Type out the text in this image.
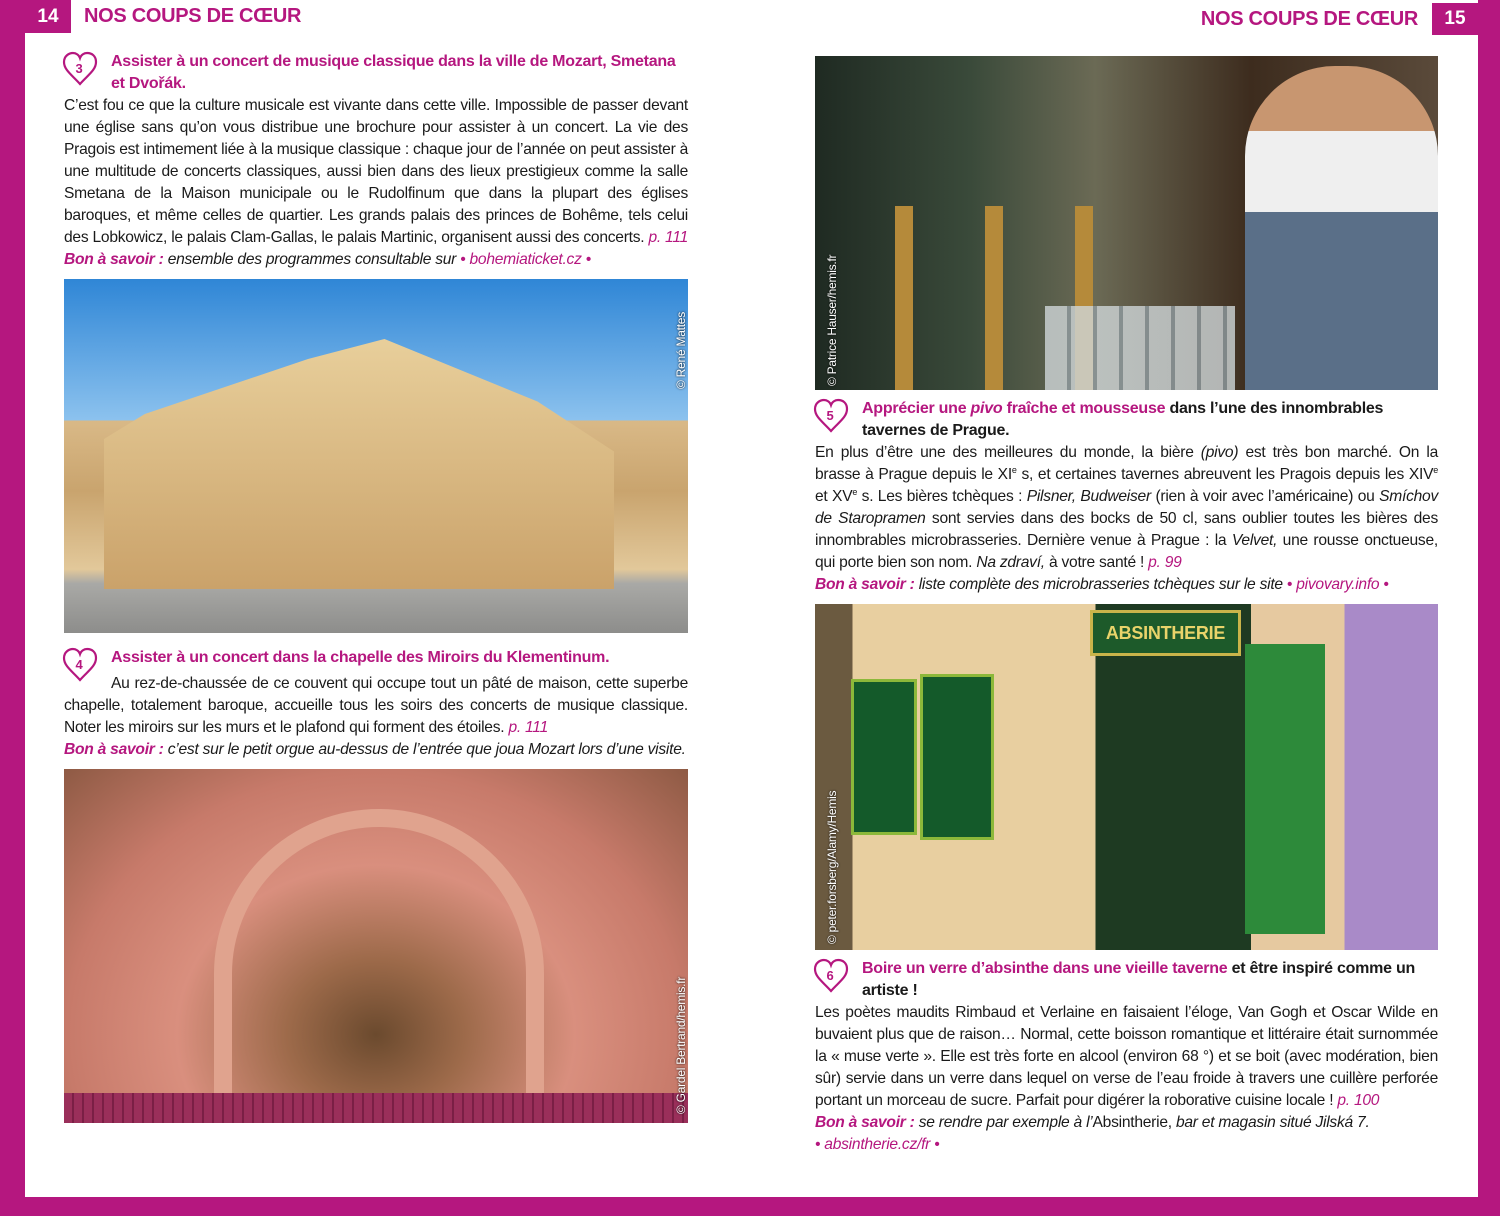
14	NOS COUPS DE CŒUR	NOS COUPS DE CŒUR	15
3	Assister à un concert de musique classique dans la ville de Mozart, Smetana et Dvořák.
C’est fou ce que la culture musicale est vivante dans cette ville. Impossible de passer devant une église sans qu’on vous distribue une brochure pour assister à un concert. La vie des Pragois est intimement liée à la musique classique : chaque jour de l’année on peut assister à une multitude de concerts classiques, aussi bien dans des lieux prestigieux comme la salle Smetana de la Maison municipale ou le Rudolfinum que dans la plupart des églises baroques, et même celles de quartier. Les grands palais des princes de Bohême, tels celui des Lobkowicz, le palais Clam-Gallas, le palais Martinic, organisent aussi des concerts. p. 111
Bon à savoir : ensemble des programmes consultable sur • bohemiaticket.cz •
© René Mattes
4	Assister à un concert dans la chapelle des Miroirs du Klementinum.
Au rez-de-chaussée de ce couvent qui occupe tout un pâté de maison, cette superbe chapelle, totalement baroque, accueille tous les soirs des concerts de musique classique. Noter les miroirs sur les murs et le plafond qui forment des étoiles. p. 111
Bon à savoir : c’est sur le petit orgue au-dessus de l’entrée que joua Mozart lors d’une visite.
© Gardel Bertrand/hemis.fr
© Patrice Hauser/hemis.fr
5	Apprécier une pivo fraîche et mousseuse dans l’une des innombrables tavernes de Prague.
En plus d’être une des meilleures du monde, la bière (pivo) est très bon marché. On la brasse à Prague depuis le XIe s, et certaines tavernes abreuvent les Pragois depuis les XIVe et XVe s. Les bières tchèques : Pilsner, Budweiser (rien à voir avec l’américaine) ou Smíchov de Staropramen sont servies dans des bocks de 50 cl, sans oublier toutes les bières des innombrables microbrasseries. Dernière venue à Prague : la Velvet, une rousse onctueuse, qui porte bien son nom. Na zdraví, à votre santé ! p. 99
Bon à savoir : liste complète des microbrasseries tchèques sur le site • pivovary.info •
ABSINTHERIE
© peter.forsberg/Alamy/Hemis
6	Boire un verre d’absinthe dans une vieille taverne et être inspiré comme un artiste !
Les poètes maudits Rimbaud et Verlaine en faisaient l’éloge, Van Gogh et Oscar Wilde en buvaient plus que de raison… Normal, cette boisson romantique et littéraire était surnommée la « muse verte ». Elle est très forte en alcool (environ 68 °) et se boit (avec modération, bien sûr) servie dans un verre dans lequel on verse de l’eau froide à travers une cuillère perforée portant un morceau de sucre. Parfait pour digérer la roborative cuisine locale ! p. 100
Bon à savoir : se rendre par exemple à l’Absintherie, bar et magasin situé Jilská 7.
• absintherie.cz/fr •
